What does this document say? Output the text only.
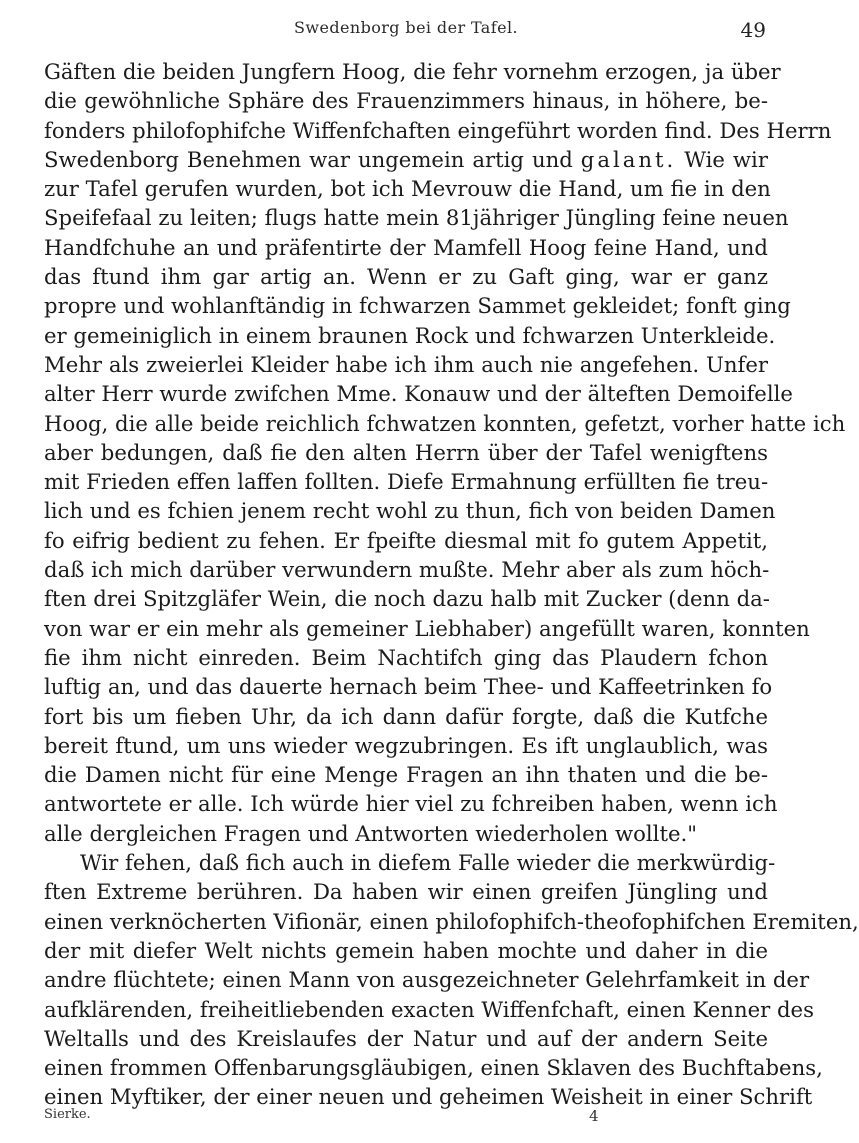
Swedenborg bei der Tafel.	49
Gäften die beiden Jungfern Hoog, die fehr vornehm erzogen, ja über
die gewöhnliche Sphäre des Frauenzimmers hinaus, in höhere, be-
fonders philofophifche Wiffenfchaften eingeführt worden find. Des Herrn
Swedenborg Benehmen war ungemein artig und galant. Wie wir
zur Tafel gerufen wurden, bot ich Mevrouw die Hand, um fie in den
Speifefaal zu leiten; flugs hatte mein 81jähriger Jüngling feine neuen
Handfchuhe an und präfentirte der Mamfell Hoog feine Hand, und
das ftund ihm gar artig an. Wenn er zu Gaft ging, war er ganz
propre und wohlanftändig in fchwarzen Sammet gekleidet; fonft ging
er gemeiniglich in einem braunen Rock und fchwarzen Unterkleide.
Mehr als zweierlei Kleider habe ich ihm auch nie angefehen. Unfer
alter Herr wurde zwifchen Mme. Konauw und der älteften Demoifelle
Hoog, die alle beide reichlich fchwatzen konnten, gefetzt, vorher hatte ich
aber bedungen, daß fie den alten Herrn über der Tafel wenigftens
mit Frieden effen laffen follten. Diefe Ermahnung erfüllten fie treu-
lich und es fchien jenem recht wohl zu thun, fich von beiden Damen
fo eifrig bedient zu fehen. Er fpeifte diesmal mit fo gutem Appetit,
daß ich mich darüber verwundern mußte. Mehr aber als zum höch-
ften drei Spitzgläfer Wein, die noch dazu halb mit Zucker (denn da-
von war er ein mehr als gemeiner Liebhaber) angefüllt waren, konnten
fie ihm nicht einreden. Beim Nachtifch ging das Plaudern fchon
luftig an, und das dauerte hernach beim Thee- und Kaffeetrinken fo
fort bis um fieben Uhr, da ich dann dafür forgte, daß die Kutfche
bereit ftund, um uns wieder wegzubringen. Es ift unglaublich, was
die Damen nicht für eine Menge Fragen an ihn thaten und die be-
antwortete er alle. Ich würde hier viel zu fchreiben haben, wenn ich
alle dergleichen Fragen und Antworten wiederholen wollte."
Wir fehen, daß fich auch in diefem Falle wieder die merkwürdig-
ften Extreme berühren. Da haben wir einen greifen Jüngling und
einen verknöcherten Vifionär, einen philofophifch-theofophifchen Eremiten,
der mit diefer Welt nichts gemein haben mochte und daher in die
andre flüchtete; einen Mann von ausgezeichneter Gelehrfamkeit in der
aufklärenden, freiheitliebenden exacten Wiffenfchaft, einen Kenner des
Weltalls und des Kreislaufes der Natur und auf der andern Seite
einen frommen Offenbarungsgläubigen, einen Sklaven des Buchftabens,
einen Myftiker, der einer neuen und geheimen Weisheit in einer Schrift
Sierke.	4
